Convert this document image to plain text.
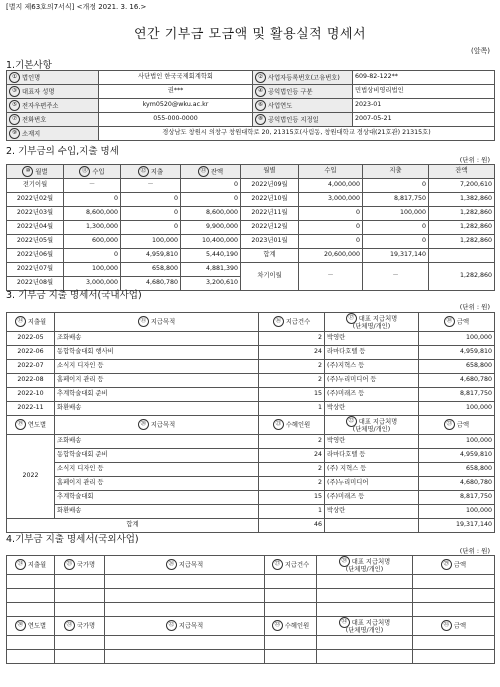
[별지 제63호의7서식] <개정 2021. 3. 16.>
연간 기부금 모금액 및 활용실적 명세서
(앞쪽)
1.기본사항
① 법인명	사단법인 한국국제회계학회	② 사업자등록번호(고유번호)	609-82-122**
③ 대표자 성명	권***	④ 공익법인등 구분	민법상비영리법인
⑤ 전자우편주소	kym0520@wku.ac.kr	⑥ 사업연도	2023-01
⑦ 전화번호	055-000-0000	⑧ 공익법인등 지정일	2007-05-21
⑨ 소재지	경상남도 창원시 의창구 창원대학로 20, 21315호(사림동, 창원대학교 경상대(21호관) 21315호)		
2. 기부금의 수입,지출 명세
(단위 : 원)
⑩ 월별	⑪ 수입	⑫ 지출	⑬ 잔액	월별	수입	지출	잔액
전기이월	－	－	0	2022년09월	4,000,000	0	7,200,610
2022년02월	0	0	0	2022년10월	3,000,000	8,817,750	1,382,860
2022년03월	8,600,000	0	8,600,000	2022년11월	0	100,000	1,282,860
2022년04월	1,300,000	0	9,900,000	2022년12월	0	0	1,282,860
2022년05월	600,000	100,000	10,400,000	2023년01월	0	0	1,282,860
2022년06월	0	4,959,810	5,440,190	합계	20,600,000	19,317,140	
2022년07월	100,000	658,800	4,881,390	차기이월	－	－	1,282,860
2022년08월	3,000,000	4,680,780	3,200,610				
3. 기부금 지출 명세서(국내사업)
(단위 : 원)
⑭ 지출월	⑮ 지급목적	⑯ 지급건수	⑰ 대표 지급처명
(단체명/개인)	⑱ 금액
2022-05	조화배송	2	박영란	100,000
2022-06	동합학술대회 행사비	24	라마다호텔 등	4,959,810
2022-07	소식지 디자인 등	2	(주)지혁스 등	658,800
2022-08	홈페이지 관리 등	2	(주)누리미디어 등	4,680,780
2022-10	추계학술대회 준비	15	(주)미래즈 등	8,817,750
2022-11	화환배송	1	박상란	100,000
⑲ 연도별	⑳ 지급목적	㉑ 수혜인원	㉒ 대표 지급처명
(단체명/개인)	㉓ 금액
2022	조화배송	2	박영란	100,000
	동합학술대회 준비	24	라마다호텔 등	4,959,810
	소식지 디자인 등	2	(주) 지혁스 등	658,800
	홈페이지 관리 등	2	(주)누리미디어	4,680,780
	추계학술대회	15	(주)미래즈 등	8,817,750
	화환배송	1	박상란	100,000
합계		46		19,317,140
4.기부금 지출 명세서(국외사업)
(단위 : 원)
㉔ 지출월	㉕ 국가명	㉖ 지급목적	㉗ 지급건수	㉘ 대표 지급처명
(단체명/개인)	㉙ 금액

㉚ 연도별	㉛ 국가명	㉜ 지급목적	㉝ 수혜인원	㉞ 대표 지급처명
(단체명/개인)	㉟ 금액
